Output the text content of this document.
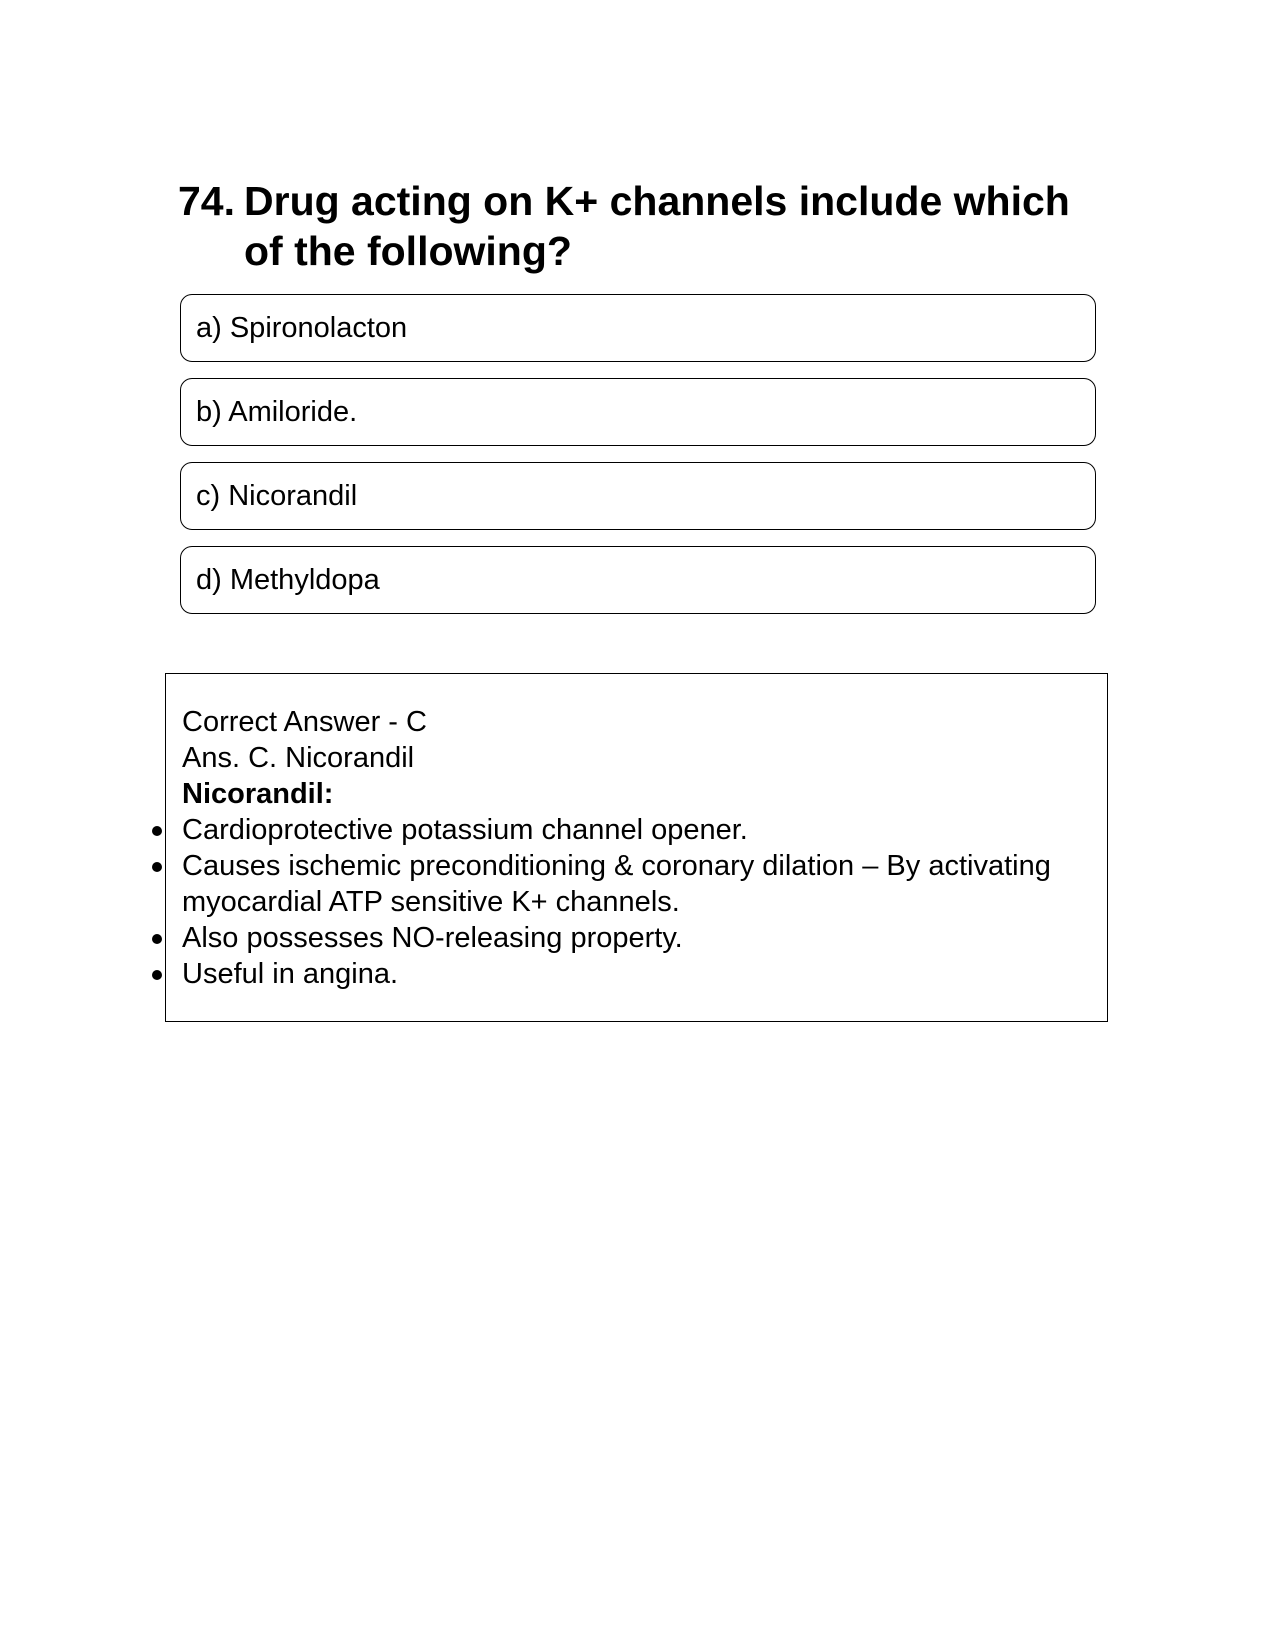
74. Drug acting on K+ channels include which of the following?
a) Spironolacton
b) Amiloride.
c) Nicorandil
d) Methyldopa
Correct Answer - C
Ans. C. Nicorandil
Nicorandil:
Cardioprotective potassium channel opener.
Causes ischemic preconditioning & coronary dilation – By activating myocardial ATP sensitive K+ channels.
Also possesses NO-releasing property.
Useful in angina.
